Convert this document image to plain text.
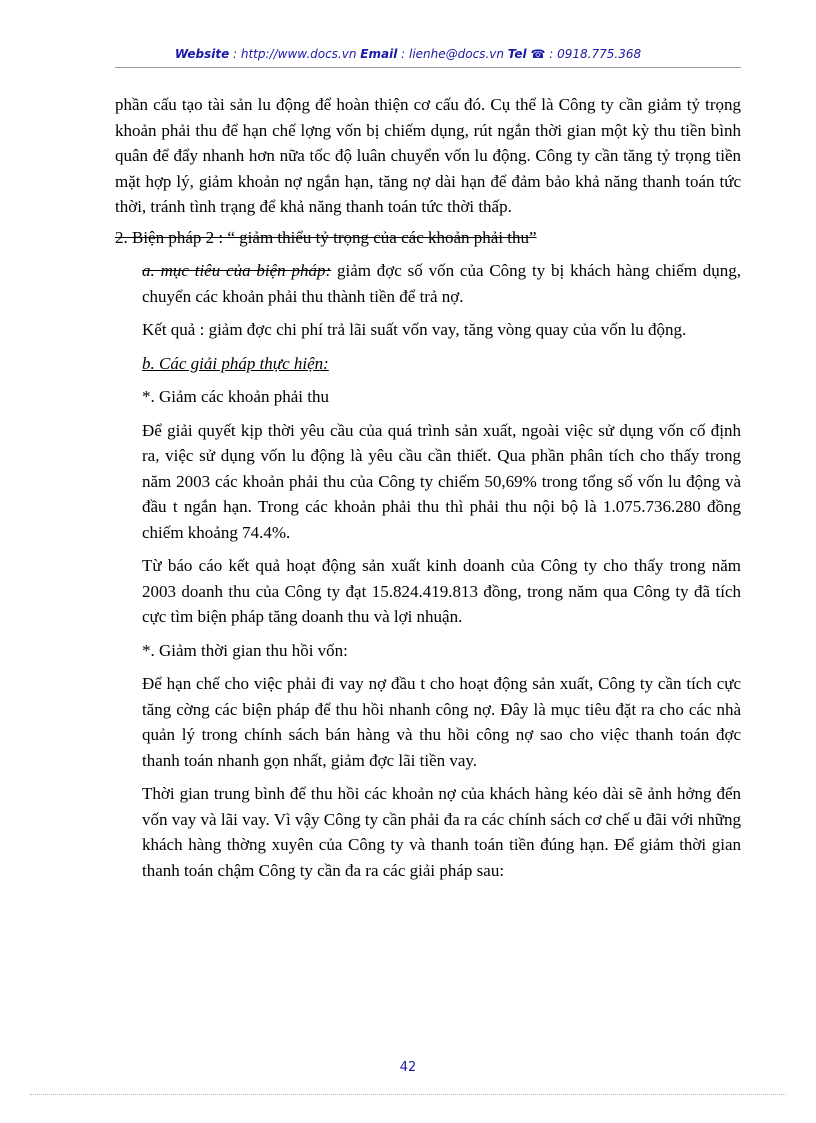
Website : http://www.docs.vn Email : lienhe@docs.vn Tel ☎ : 0918.775.368

phần cấu tạo tài sản lu động để hoàn thiện cơ cấu đó. Cụ thể là Công ty cần giảm tỷ trọng khoản phải thu để hạn chế lợng vốn bị chiếm dụng, rút ngắn thời gian một kỳ thu tiền bình quân để đẩy nhanh hơn nữa tốc độ luân chuyển vốn lu động. Công ty cần tăng tỷ trọng tiền mặt hợp lý, giảm khoản nợ ngắn hạn, tăng nợ dài hạn để đảm bảo khả năng thanh toán tức thời, tránh tình trạng để khả năng thanh toán tức thời thấp.

2. Biện pháp 2 : “ giảm thiểu tỷ trọng của các khoản phải thu”

a. mục tiêu của biện pháp: giảm đợc số vốn của Công ty bị khách hàng chiếm dụng, chuyển các khoản phải thu thành tiền để trả nợ.

Kết quả : giảm đợc chi phí trả lãi suất vốn vay, tăng vòng quay của vốn lu động.

b. Các giải pháp thực hiện:

*. Giảm các khoản phải thu

Để giải quyết kịp thời yêu cầu của quá trình sản xuất, ngoài việc sử dụng vốn cố định ra, việc sử dụng vốn lu động là yêu cầu cần thiết. Qua phần phân tích cho thấy trong năm 2003 các khoản phải thu của Công ty chiếm 50,69% trong tổng số vốn lu động và đầu t ngắn hạn. Trong các khoản phải thu thì phải thu nội bộ là 1.075.736.280 đồng chiếm khoảng 74.4%.

Từ báo cáo kết quả hoạt động sản xuất kinh doanh của Công ty cho thấy trong năm 2003 doanh thu của Công ty đạt 15.824.419.813 đồng, trong năm qua Công ty đã tích cực tìm biện pháp tăng doanh thu và lợi nhuận.

*. Giảm thời gian thu hồi vốn:

Để hạn chế cho việc phải đi vay nợ đầu t cho hoạt động sản xuất, Công ty cần tích cực tăng cờng các biện pháp để thu hồi nhanh công nợ. Đây là mục tiêu đặt ra cho các nhà quản lý trong chính sách bán hàng và thu hồi công nợ sao cho việc thanh toán đợc thanh toán nhanh gọn nhất, giảm đợc lãi tiền vay.

Thời gian trung bình để thu hồi các khoản nợ của khách hàng kéo dài sẽ ảnh hởng đến vốn vay và lãi vay. Vì vậy Công ty cần phải đa ra các chính sách cơ chế u đãi với những khách hàng thờng xuyên của Công ty và thanh toán tiền đúng hạn. Để giảm thời gian thanh toán chậm Công ty cần đa ra các giải pháp sau:

42
